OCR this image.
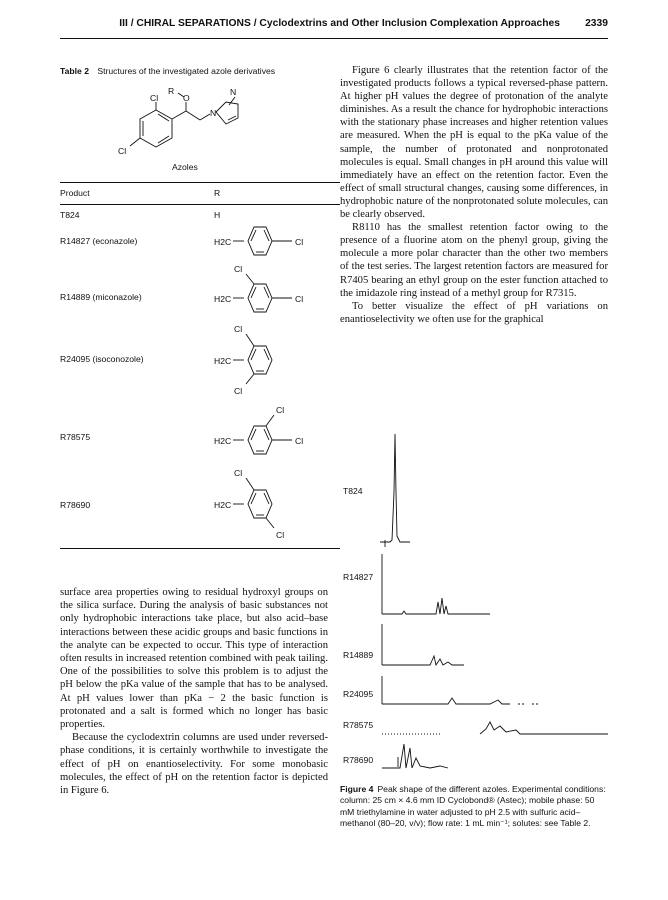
III / CHIRAL SEPARATIONS / Cyclodextrins and Other Inclusion Complexation Approaches 2339
Table 2 Structures of the investigated azole derivatives
R
O
Cl
Cl
N
N
Azoles
Product	R
T824	H
R14827 (econazole)	H2C	Cl
R14889 (miconazole)	H2C
Cl
Cl
R24095 (isoconozole)	H2C
Cl
Cl
R78575	H2C
Cl
Cl
R78690	H2C
Cl
Cl

surface area properties owing to residual hydroxyl groups on the silica surface. During the analysis of basic substances not only hydrophobic interactions take place, but also acid–base interactions between these acidic groups and basic functions in the analyte can be expected to occur. This type of interaction often results in increased retention combined with peak tailing. One of the possibilities to solve this problem is to adjust the pH below the pKa value of the sample that has to be analysed. At pH values lower than pKa − 2 the basic function is protonated and a salt is formed which no longer has basic properties.

Because the cyclodextrin columns are used under reversed-phase conditions, it is certainly worthwhile to investigate the effect of pH on enantioselectivity. For some monobasic molecules, the effect of pH on the retention factor is depicted in Figure 6.

Figure 6 clearly illustrates that the retention factor of the investigated products follows a typical reversed-phase pattern. At higher pH values the degree of protonation of the analyte diminishes. As a result the chance for hydrophobic interactions with the stationary phase increases and higher retention values are measured. When the pH is equal to the pKa value of the sample, the number of protonated and nonprotonated molecules is equal. Small changes in pH around this value will immediately have an effect on the retention factor. Even the effect of small structural changes, causing some differences, in hydrophobic nature of the nonprotonated solute molecules, can be clearly observed.

R8110 has the smallest retention factor owing to the presence of a fluorine atom on the phenyl group, giving the molecule a more polar character than the other two members of the test series. The largest retention factors are measured for R7405 bearing an ethyl group on the ester function attached to the imidazole ring instead of a methyl group for R7315.

To better visualize the effect of pH variations on enantioselectivity we often use for the graphical

T824
R14827
R14889
R24095
R78575
R78690
Figure 4 Peak shape of the different azoles. Experimental conditions: column: 25 cm × 4.6 mm ID Cyclobond® (Astec); mobile phase: 50 mM triethylamine in water adjusted to pH 2.5 with sulfuric acid–methanol (80–20, v/v); flow rate: 1 mL min⁻¹; solutes: see Table 2.
